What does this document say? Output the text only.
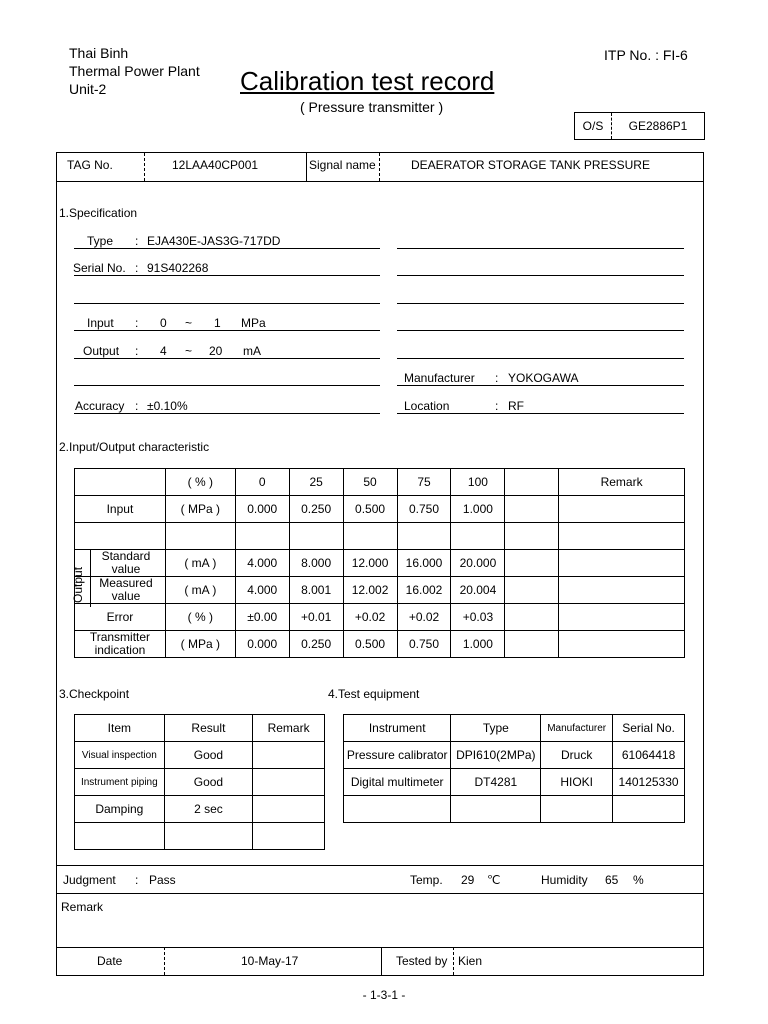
Thai Binh
Thermal Power Plant
Unit-2
ITP No. : FI-6
Calibration test record
( Pressure transmitter )
O/S	GE2886P1
TAG No.	12LAA40CP001	Signal name	DEAERATOR STORAGE TANK PRESSURE
1.Specification
Type : EJA430E-JAS3G-717DD
Serial No. : 91S402268
Input : 0 ~ 1 MPa
Output : 4 ~ 20 mA
Manufacturer : YOKOGAWA
Accuracy : ±0.10%	Location	: RF
2.Input/Output characteristic
	( % )	0	25	50	75	100		Remark
Input	( MPa )	0.000	0.250	0.500	0.750	1.000		

Standard
value	( mA )	4.000	8.000	12.000	16.000	20.000		

Measured
value	( mA )	4.000	8.001	12.002	16.002	20.004		
Error	( % )	±0.00	+0.01	+0.02	+0.02	+0.03		

Transmitter
indication	( MPa )	0.000	0.250	0.500	0.750	1.000		
Output
3.Checkpoint
Item	Result	Remark
Visual inspection	Good	
Instrument piping	Good	
Damping	2 sec	

4.Test equipment
Instrument	Type	Manufacturer	Serial No.
Pressure calibrator	DPI610(2MPa)	Druck	61064418
Digital multimeter	DT4281	HIOKI	140125330

Judgment : Pass	Temp. 29 ℃	Humidity 65 %
Remark
Date	10-May-17	Tested by Kien
- 1-3-1 -
